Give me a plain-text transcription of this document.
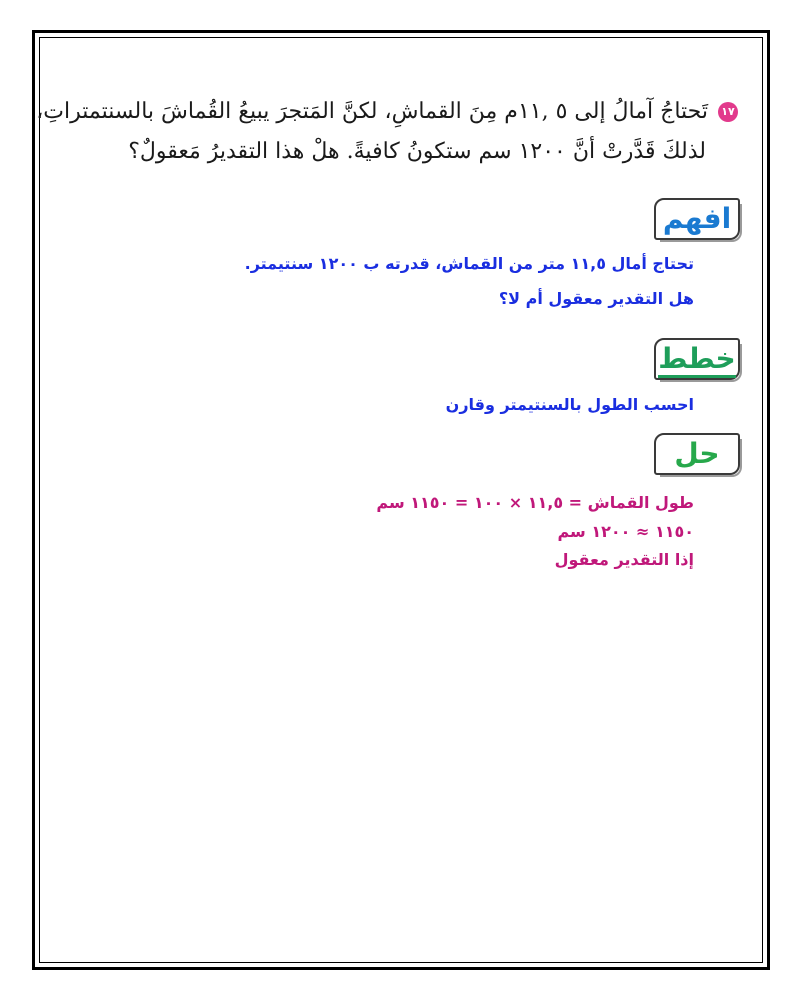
١٧تَحتاجُ آمالُ إلى ٥ ,١١م مِنَ القماشِ، لكنَّ المَتجرَ يبيعُ القُماشَ بالسنتمتراتِ،
لذلكَ قَدَّرتْ أنَّ ١٢٠٠ سم ستكونُ كافيةً. هلْ هذا التقديرُ مَعقولٌ؟
افهم
تحتاج أمال ١١,٥ متر من القماش، قدرته ب ١٢٠٠ سنتيمتر.
هل التقدير معقول أم لا؟
خطط
احسب الطول بالسنتيمتر وقارن
حل
طول القماش = ١١,٥ × ١٠٠ = ١١٥٠ سم
١١٥٠ ≈ ١٢٠٠ سم
إذا التقدير معقول
